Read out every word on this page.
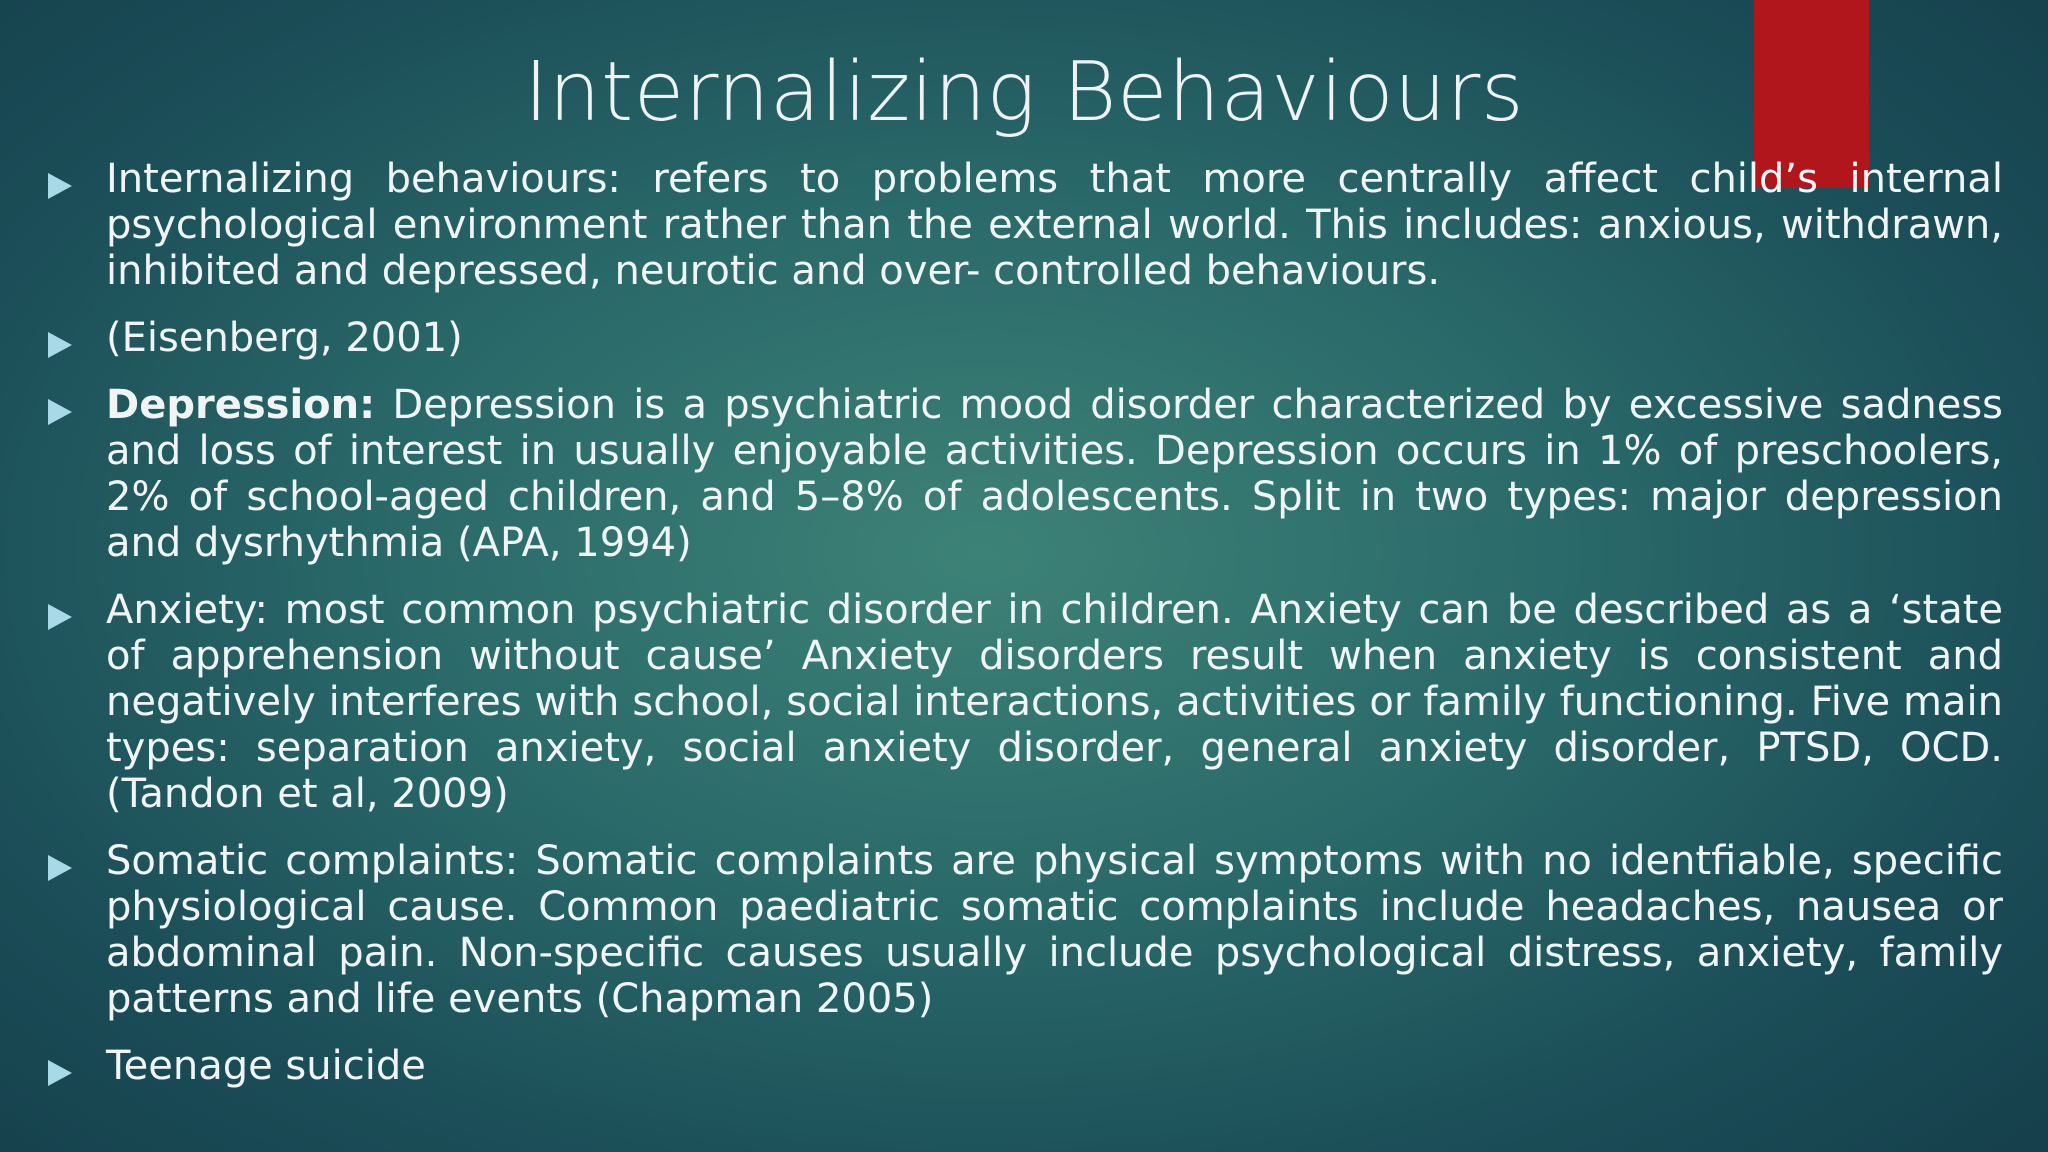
Internalizing Behaviours
Internalizing behaviours: refers to problems that more centrally affect child’s internal psychological environment rather than the external world. This includes: anxious, withdrawn, inhibited and depressed, neurotic and over- controlled behaviours.
(Eisenberg, 2001)
Depression: Depression is a psychiatric mood disorder characterized by excessive sadness and loss of interest in usually enjoyable activities. Depression occurs in 1% of preschoolers, 2% of school-aged children, and 5–8% of adolescents. Split in two types: major depression and dysrhythmia (APA, 1994)
Anxiety: most common psychiatric disorder in children. Anxiety can be described as a ‘state of apprehension without cause’ Anxiety disorders result when anxiety is consistent and negatively interferes with school, social interactions, activities or family functioning. Five main types: separation anxiety, social anxiety disorder, general anxiety disorder, PTSD, OCD. (Tandon et al, 2009)
Somatic complaints: Somatic complaints are physical symptoms with no identfiable, specific physiological cause. Common paediatric somatic complaints include headaches, nausea or abdominal pain. Non-specific causes usually include psychological distress, anxiety, family patterns and life events (Chapman 2005)
Teenage suicide
